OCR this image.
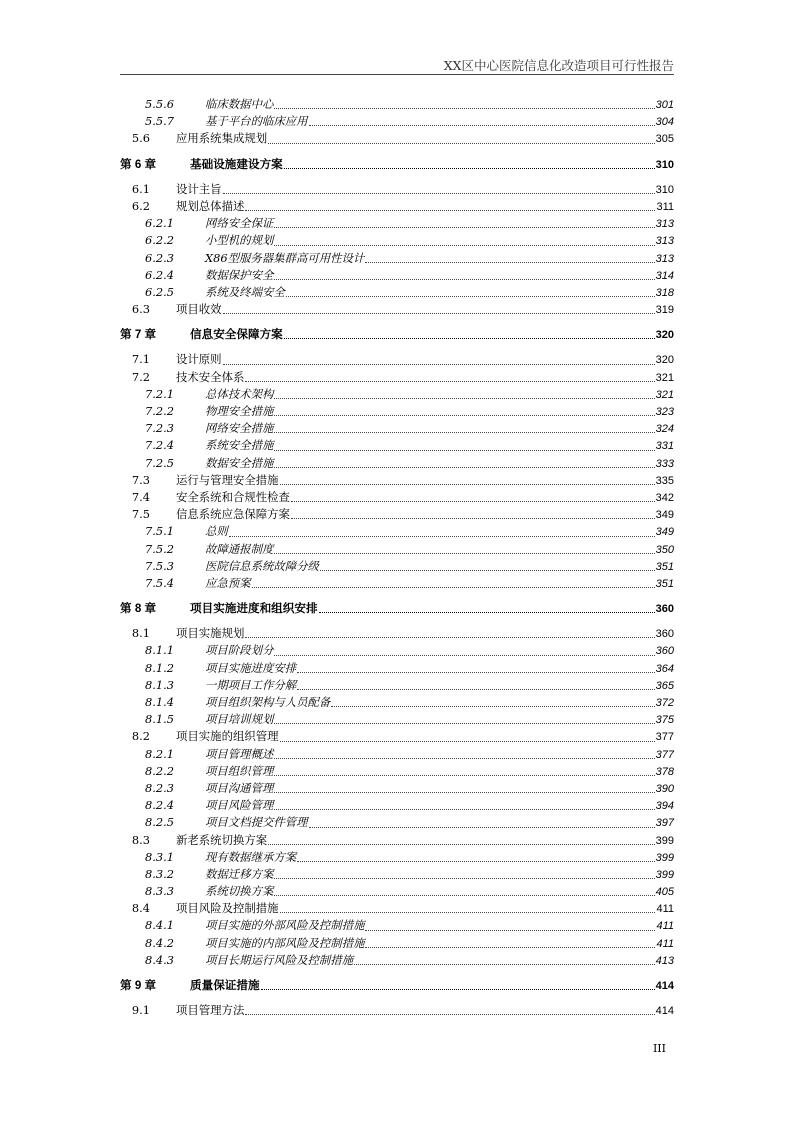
XX区中心医院信息化改造项目可行性报告
5.5.6	临床数据中心	301
5.5.7	基于平台的临床应用	304
5.6 应用系统集成规划	305
第 6 章	基础设施建设方案	310
6.1 设计主旨	310
6.2 规划总体描述	311
6.2.1	网络安全保证	313
6.2.2	小型机的规划	313
6.2.3	X86型服务器集群高可用性设计	313
6.2.4	数据保护安全	314
6.2.5	系统及终端安全	318
6.3 项目收效	319
第 7 章	信息安全保障方案	320
7.1 设计原则	320
7.2 技术安全体系	321
7.2.1	总体技术架构	321
7.2.2	物理安全措施	323
7.2.3	网络安全措施	324
7.2.4	系统安全措施	331
7.2.5	数据安全措施	333
7.3 运行与管理安全措施	335
7.4 安全系统和合规性检查	342
7.5 信息系统应急保障方案	349
7.5.1	总则	349
7.5.2	故障通报制度	350
7.5.3	医院信息系统故障分级	351
7.5.4	应急预案	351
第 8 章	项目实施进度和组织安排	360
8.1 项目实施规划	360
8.1.1	项目阶段划分	360
8.1.2	项目实施进度安排	364
8.1.3	一期项目工作分解	365
8.1.4	项目组织架构与人员配备	372
8.1.5	项目培训规划	375
8.2 项目实施的组织管理	377
8.2.1	项目管理概述	377
8.2.2	项目组织管理	378
8.2.3	项目沟通管理	390
8.2.4	项目风险管理	394
8.2.5	项目文档提交件管理	397
8.3 新老系统切换方案	399
8.3.1	现有数据继承方案	399
8.3.2	数据迁移方案	399
8.3.3	系统切换方案	405
8.4 项目风险及控制措施	411
8.4.1	项目实施的外部风险及控制措施	411
8.4.2	项目实施的内部风险及控制措施	411
8.4.3	项目长期运行风险及控制措施	413
第 9 章	质量保证措施	414
9.1 项目管理方法	414
III
